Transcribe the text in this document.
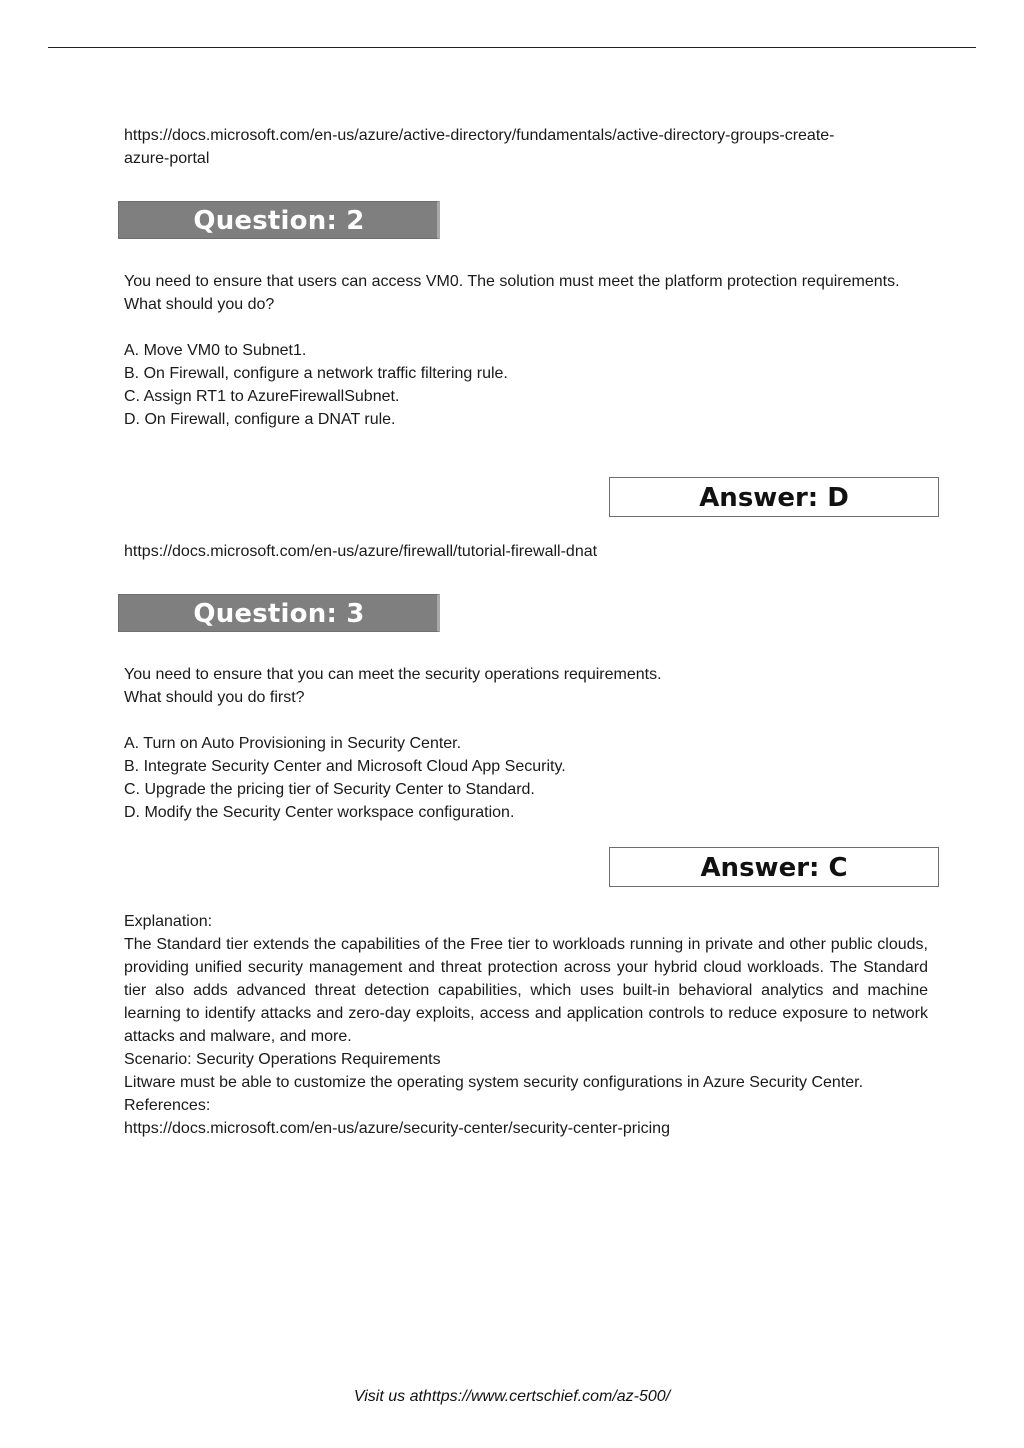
https://docs.microsoft.com/en-us/azure/active-directory/fundamentals/active-directory-groups-create-

azure-portal

Question: 2

You need to ensure that users can access VM0. The solution must meet the platform protection requirements.

What should you do?

A. Move VM0 to Subnet1.

B. On Firewall, configure a network traffic filtering rule.

C. Assign RT1 to AzureFirewallSubnet.

D. On Firewall, configure a DNAT rule.

Answer: D

https://docs.microsoft.com/en-us/azure/firewall/tutorial-firewall-dnat

Question: 3

You need to ensure that you can meet the security operations requirements.

What should you do first?

A. Turn on Auto Provisioning in Security Center.

B. Integrate Security Center and Microsoft Cloud App Security.

C. Upgrade the pricing tier of Security Center to Standard.

D. Modify the Security Center workspace configuration.

Answer: C

Explanation:

The Standard tier extends the capabilities of the Free tier to workloads running in private and other public clouds, providing unified security management and threat protection across your hybrid cloud workloads. The Standard tier also adds advanced threat detection capabilities, which uses built-in behavioral analytics and machine learning to identify attacks and zero-day exploits, access and application controls to reduce exposure to network attacks and malware, and more.

Scenario: Security Operations Requirements

Litware must be able to customize the operating system security configurations in Azure Security Center.

References:

https://docs.microsoft.com/en-us/azure/security-center/security-center-pricing

Visit us athttps://www.certschief.com/az-500/
